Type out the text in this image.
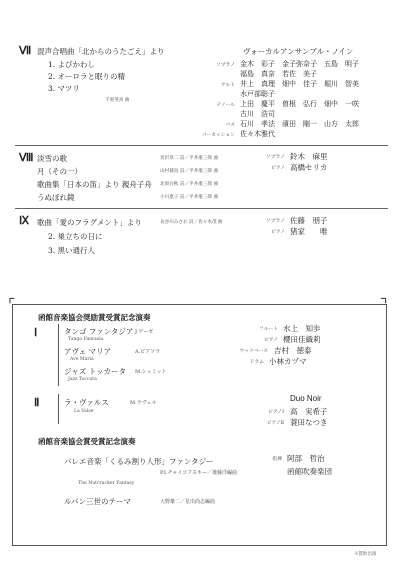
Ⅶ 混声合唱曲「北からのうたごえ」より
1. よびかわし
2. オーロラと眠りの精
3. マツリ
千原英喜 曲
ヴォーカルアンサンブル・ノイン
ソプラノ 金木　彩子　金子弥奈子　五島　明子
福島　真奈　若佐　美子
アルト 井上　真理　畑中　佳子　堀川　智美
水戸部聡子
テノール 上田　慶平　曽根　弘行　畑中　一咲
古川　浩司
バス 石川　孝法　濱田　剛一　山方　太郎
パーカッション 佐々木雅代
Ⅷ 淡雪の歌
月（その一）
歌曲集「日本の笛」より 親舟子舟
うぬぼれ鏡
宮沢章二 詩／平井康三郎 曲
山村暮鳥 詩／平井康三郎 曲
北原白秋 詩／平井康三郎 曲
小川恵子 詩／平井康三郎 曲
ソプラノ 鈴木　麻里
ピアノ 高橋セリカ
Ⅸ 歌曲「愛のフラグメント」より
2. 巣立ちの日に
3. 黒い通行人
長谷川みさお 詩／佐々木茂 曲	ソプラノ 佐藤　朋子
ピアノ 猪家　　唯
⌜	⌝
函館音楽協会奨励賞受賞記念演奏
Ⅰ	タンゴ ファンタジア
Tango Fantasia
J.ゲーゼ
アヴェ マリア
Ave Maria
A.ピアソラ
ジャズ トッカータ
Jazz Toccata
M.シュミット
フルート 水上　知歩
ピアノ 櫻田佳織莉
ウッドベース 吉村　徳泰
ドラム 小林カヅマ
Ⅱ	ラ・ヴァルス
La Valse
M.ラヴェル	Duo Noir
ピアノⅠ 高　実希子
ピアノⅡ 蓑田なつき
函館音楽協会賞受賞記念演奏
バレエ音楽「くるみ割り人形」ファンタジー
P.I.チャイコフスキー／後藤洋編曲
The Nutcracker Fantasy
ルパン三世のテーマ	大野雄二／星出尚志編曲
指揮 阿部　哲治
函館吹奏楽団
※賛助出演
